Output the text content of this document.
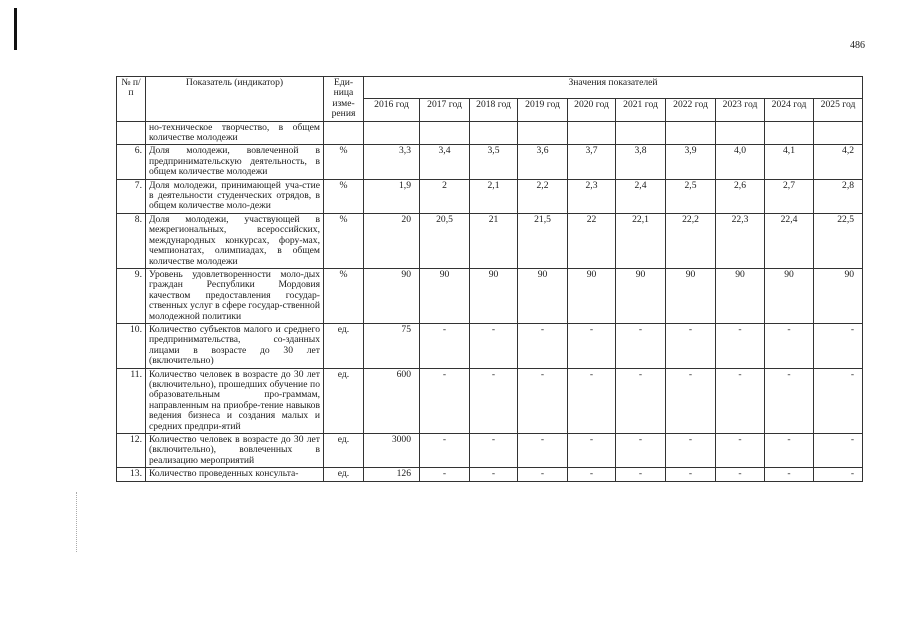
486
№ п/п	Показатель (индикатор)	Еди-ница изме-рения	Значения показателей									
			2016 год	2017 год	2018 год	2019 год	2020 год	2021 год	2022 год	2023 год	2024 год	2025 год
	но-техническое творчество, в общем количестве молодежи											
6.	Доля молодежи, вовлеченной в предпринимательскую деятельность, в общем количестве молодежи	%	3,3	3,4	3,5	3,6	3,7	3,8	3,9	4,0	4,1	4,2
7.	Доля молодежи, принимающей уча-стие в деятельности студенческих отрядов, в общем количестве моло-дежи	%	1,9	2	2,1	2,2	2,3	2,4	2,5	2,6	2,7	2,8
8.	Доля молодежи, участвующей в межрегиональных, всероссийских, международных конкурсах, фору-мах, чемпионатах, олимпиадах, в общем количестве молодежи	%	20	20,5	21	21,5	22	22,1	22,2	22,3	22,4	22,5
9.	Уровень удовлетворенности моло-дых граждан Республики Мордовия качеством предоставления государ-ственных услуг в сфере государ-ственной молодежной политики	%	90	90	90	90	90	90	90	90	90	90
10.	Количество субъектов малого и среднего предпринимательства, со-зданных лицами в возрасте до 30 лет (включительно)	ед.	75	-	-	-	-	-	-	-	-	-
11.	Количество человек в возрасте до 30 лет (включительно), прошедших обучение по образовательным про-граммам, направленным на приобре-тение навыков ведения бизнеса и создания малых и средних предпри-ятий	ед.	600	-	-	-	-	-	-	-	-	-
12.	Количество человек в возрасте до 30 лет (включительно), вовлеченных в реализацию мероприятий	ед.	3000	-	-	-	-	-	-	-	-	-
13.	Количество проведенных консульта-	ед.	126	-	-	-	-	-	-	-	-	-
